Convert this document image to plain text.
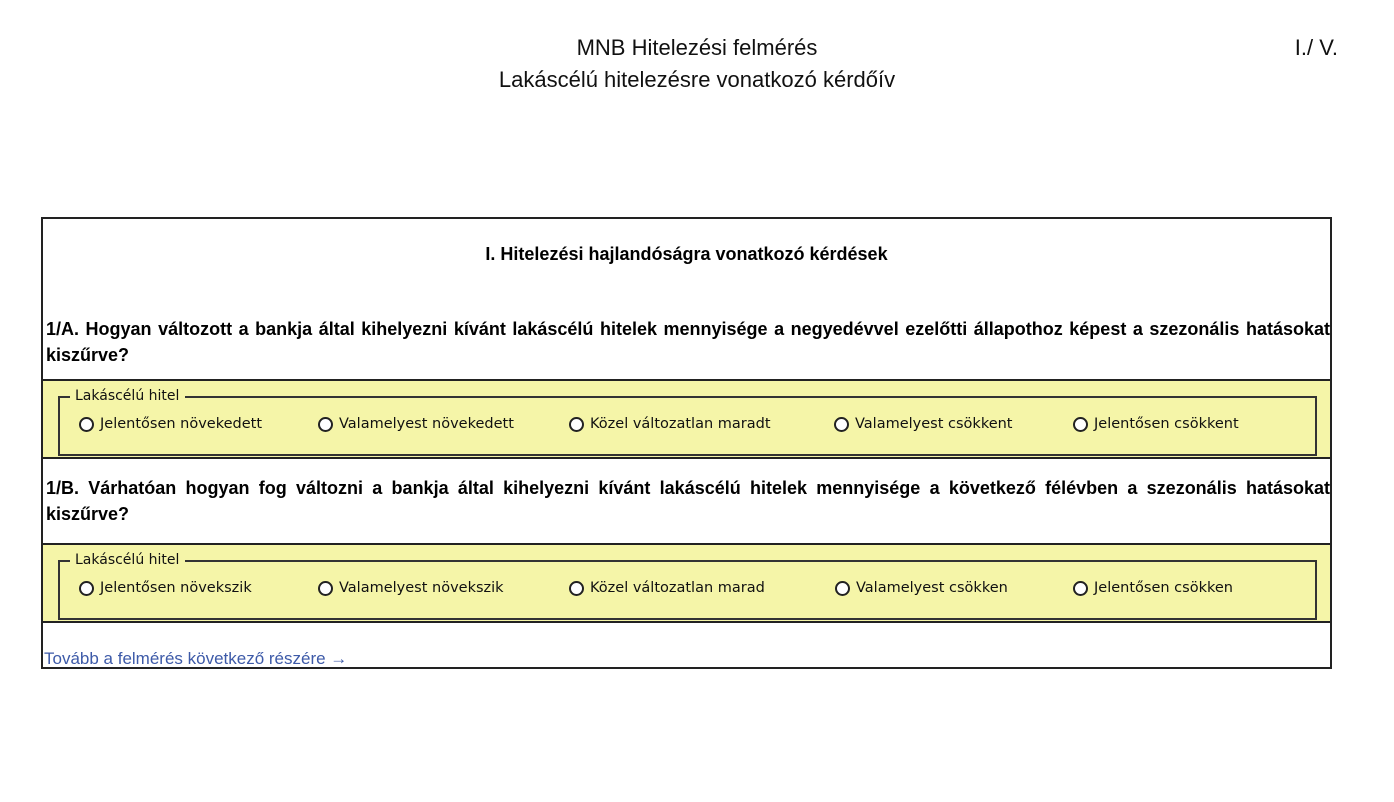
MNB Hitelezési felmérés
Lakáscélú hitelezésre vonatkozó kérdőív
I./ V.
I. Hitelezési hajlandóságra vonatkozó kérdések
1/A. Hogyan változott a bankja által kihelyezni kívánt lakáscélú hitelek mennyisége a negyedévvel ezelőtti állapothoz képest a szezonális hatásokat kiszűrve?
Lakáscélú hitel
Jelentősen növekedett	Valamelyest növekedett	Közel változatlan maradt	Valamelyest csökkent	Jelentősen csökkent
1/B. Várhatóan hogyan fog változni a bankja által kihelyezni kívánt lakáscélú hitelek mennyisége a következő félévben a szezonális hatásokat kiszűrve?
Lakáscélú hitel
Jelentősen növekszik	Valamelyest növekszik	Közel változatlan marad	Valamelyest csökken	Jelentősen csökken
Tovább a felmérés következő részére →
